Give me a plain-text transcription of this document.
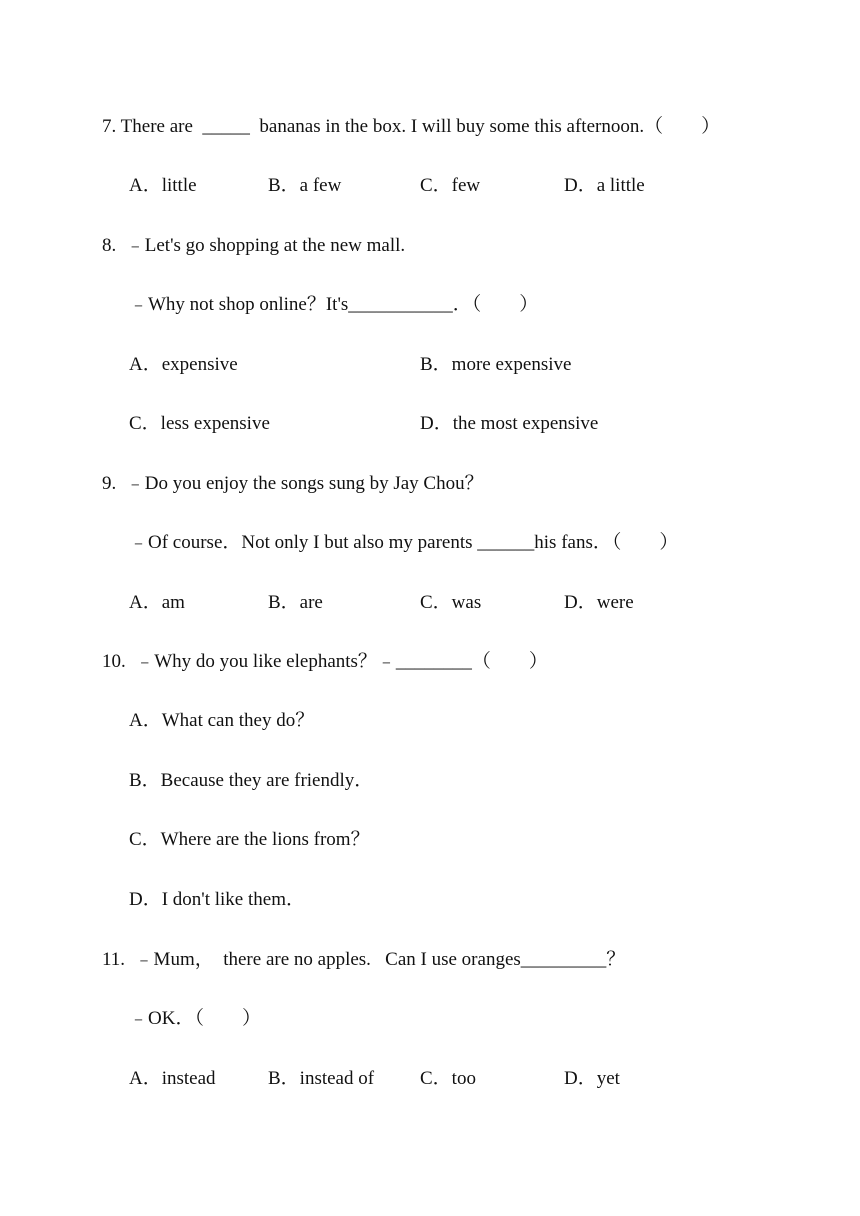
7. There are  _____  bananas in the box. I will buy some this afternoon.（　　）
A．little	B．a few	C．few	D．a little
8.  ﹣Let's go shopping at the new mall.
﹣Why not shop online？It's___________．（　　）
A．expensive	B．more expensive
C．less expensive	D．the most expensive
9.  ﹣Do you enjoy the songs sung by Jay Chou？
﹣Of course．Not only I but also my parents ______his fans．（　　）
A．am	B．are	C．was	D．were
10.  ﹣Why do you like elephants？﹣________（　　）
A．What can they do？
B．Because they are friendly．
C．Where are the lions from？
D．I don't like them．
11.  ﹣Mum，  there are no apples.   Can I use oranges_________？
﹣OK．（　　）
A．instead	B．instead of C．too	D．yet
